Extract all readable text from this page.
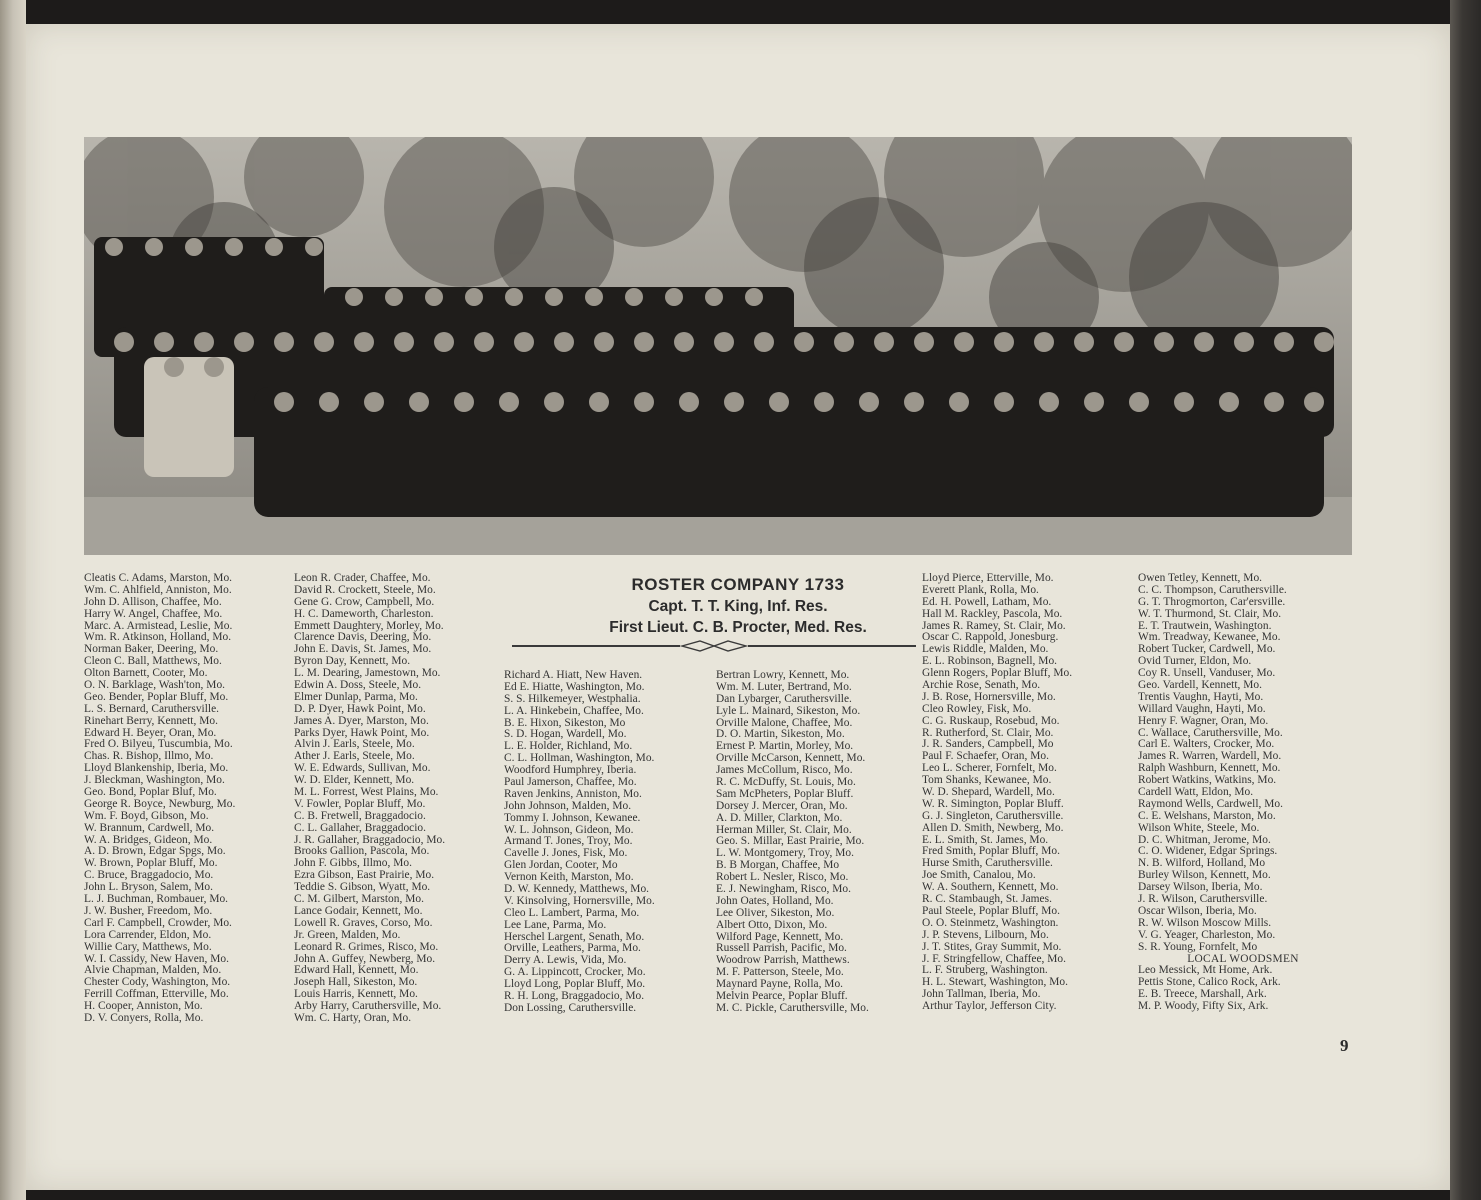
ROSTER COMPANY 1733
Capt. T. T. King, Inf. Res.
First Lieut. C. B. Procter, Med. Res.
Cleatis C. Adams, Marston, Mo.
Wm. C. Ahlfield, Anniston, Mo.
John D. Allison, Chaffee, Mo.
Harry W. Angel, Chaffee, Mo.
Marc. A. Armistead, Leslie, Mo.
Wm. R. Atkinson, Holland, Mo.
Norman Baker, Deering, Mo.
Cleon C. Ball, Matthews, Mo.
Olton Barnett, Cooter, Mo.
O. N. Barklage, Wash'ton, Mo.
Geo. Bender, Poplar Bluff, Mo.
L. S. Bernard, Caruthersville.
Rinehart Berry, Kennett, Mo.
Edward H. Beyer, Oran, Mo.
Fred O. Bilyeu, Tuscumbia, Mo.
Chas. R. Bishop, Illmo, Mo.
Lloyd Blankenship, Iberia, Mo.
J. Bleckman, Washington, Mo.
Geo. Bond, Poplar Bluf, Mo.
George R. Boyce, Newburg, Mo.
Wm. F. Boyd, Gibson, Mo.
W. Brannum, Cardwell, Mo.
W. A. Bridges, Gideon, Mo.
A. D. Brown, Edgar Spgs, Mo.
W. Brown, Poplar Bluff, Mo.
C. Bruce, Braggadocio, Mo.
John L. Bryson, Salem, Mo.
L. J. Buchman, Rombauer, Mo.
J. W. Busher, Freedom, Mo.
Carl F. Campbell, Crowder, Mo.
Lora Carrender, Eldon, Mo.
Willie Cary, Matthews, Mo.
W. I. Cassidy, New Haven, Mo.
Alvie Chapman, Malden, Mo.
Chester Cody, Washington, Mo.
Ferrill Coffman, Etterville, Mo.
H. Cooper, Anniston, Mo.
D. V. Conyers, Rolla, Mo.
Leon R. Crader, Chaffee, Mo.
David R. Crockett, Steele, Mo.
Gene G. Crow, Campbell, Mo.
H. C. Dameworth, Charleston.
Emmett Daughtery, Morley, Mo.
Clarence Davis, Deering, Mo.
John E. Davis, St. James, Mo.
Byron Day, Kennett, Mo.
L. M. Dearing, Jamestown, Mo.
Edwin A. Doss, Steele, Mo.
Elmer Dunlap, Parma, Mo.
D. P. Dyer, Hawk Point, Mo.
James A. Dyer, Marston, Mo.
Parks Dyer, Hawk Point, Mo.
Alvin J. Earls, Steele, Mo.
Ather J. Earls, Steele, Mo.
W. E. Edwards, Sullivan, Mo.
W. D. Elder, Kennett, Mo.
M. L. Forrest, West Plains, Mo.
V. Fowler, Poplar Bluff, Mo.
C. B. Fretwell, Braggadocio.
C. L. Gallaher, Braggadocio.
J. R. Gallaher, Braggadocio, Mo.
Brooks Gallion, Pascola, Mo.
John F. Gibbs, Illmo, Mo.
Ezra Gibson, East Prairie, Mo.
Teddie S. Gibson, Wyatt, Mo.
C. M. Gilbert, Marston, Mo.
Lance Godair, Kennett, Mo.
Lowell R. Graves, Corso, Mo.
Jr. Green, Malden, Mo.
Leonard R. Grimes, Risco, Mo.
John A. Guffey, Newberg, Mo.
Edward Hall, Kennett, Mo.
Joseph Hall, Sikeston, Mo.
Louis Harris, Kennett, Mo.
Arby Harry, Caruthersville, Mo.
Wm. C. Harty, Oran, Mo.
Richard A. Hiatt, New Haven.
Ed E. Hiatte, Washington, Mo.
S. S. Hilkemeyer, Westphalia.
L. A. Hinkebein, Chaffee, Mo.
B. E. Hixon, Sikeston, Mo
S. D. Hogan, Wardell, Mo.
L. E. Holder, Richland, Mo.
C. L. Hollman, Washington, Mo.
Woodford Humphrey, Iberia.
Paul Jamerson, Chaffee, Mo.
Raven Jenkins, Anniston, Mo.
John Johnson, Malden, Mo.
Tommy I. Johnson, Kewanee.
W. L. Johnson, Gideon, Mo.
Armand T. Jones, Troy, Mo.
Cavelle J. Jones, Fisk, Mo.
Glen Jordan, Cooter, Mo
Vernon Keith, Marston, Mo.
D. W. Kennedy, Matthews, Mo.
V. Kinsolving, Hornersville, Mo.
Cleo L. Lambert, Parma, Mo.
Lee Lane, Parma, Mo.
Herschel Largent, Senath, Mo.
Orville, Leathers, Parma, Mo.
Derry A. Lewis, Vida, Mo.
G. A. Lippincott, Crocker, Mo.
Lloyd Long, Poplar Bluff, Mo.
R. H. Long, Braggadocio, Mo.
Don Lossing, Caruthersville.
Bertran Lowry, Kennett, Mo.
Wm. M. Luter, Bertrand, Mo.
Dan Lybarger, Caruthersville.
Lyle L. Mainard, Sikeston, Mo.
Orville Malone, Chaffee, Mo.
D. O. Martin, Sikeston, Mo.
Ernest P. Martin, Morley, Mo.
Orville McCarson, Kennett, Mo.
James McCollum, Risco, Mo.
R. C. McDuffy, St. Louis, Mo.
Sam McPheters, Poplar Bluff.
Dorsey J. Mercer, Oran, Mo.
A. D. Miller, Clarkton, Mo.
Herman Miller, St. Clair, Mo.
Geo. S. Millar, East Prairie, Mo.
L. W. Montgomery, Troy, Mo.
B. B Morgan, Chaffee, Mo
Robert L. Nesler, Risco, Mo.
E. J. Newingham, Risco, Mo.
John Oates, Holland, Mo.
Lee Oliver, Sikeston, Mo.
Albert Otto, Dixon, Mo.
Wilford Page, Kennett, Mo.
Russell Parrish, Pacific, Mo.
Woodrow Parrish, Matthews.
M. F. Patterson, Steele, Mo.
Maynard Payne, Rolla, Mo.
Melvin Pearce, Poplar Bluff.
M. C. Pickle, Caruthersville, Mo.
Lloyd Pierce, Etterville, Mo.
Everett Plank, Rolla, Mo.
Ed. H. Powell, Latham, Mo.
Hall M. Rackley, Pascola, Mo.
James R. Ramey, St. Clair, Mo.
Oscar C. Rappold, Jonesburg.
Lewis Riddle, Malden, Mo.
E. L. Robinson, Bagnell, Mo.
Glenn Rogers, Poplar Bluff, Mo.
Archie Rose, Senath, Mo.
J. B. Rose, Hornersville, Mo.
Cleo Rowley, Fisk, Mo.
C. G. Ruskaup, Rosebud, Mo.
R. Rutherford, St. Clair, Mo.
J. R. Sanders, Campbell, Mo
Paul F. Schaefer, Oran, Mo.
Leo L. Scherer, Fornfelt, Mo.
Tom Shanks, Kewanee, Mo.
W. D. Shepard, Wardell, Mo.
W. R. Simington, Poplar Bluff.
G. J. Singleton, Caruthersville.
Allen D. Smith, Newberg, Mo.
E. L. Smith, St. James, Mo.
Fred Smith, Poplar Bluff, Mo.
Hurse Smith, Caruthersville.
Joe Smith, Canalou, Mo.
W. A. Southern, Kennett, Mo.
R. C. Stambaugh, St. James.
Paul Steele, Poplar Bluff, Mo.
O. O. Steinmetz, Washington.
J. P. Stevens, Lilbourn, Mo.
J. T. Stites, Gray Summit, Mo.
J. F. Stringfellow, Chaffee, Mo.
L. F. Struberg, Washington.
H. L. Stewart, Washington, Mo.
John Tallman, Iberia, Mo.
Arthur Taylor, Jefferson City.
Owen Tetley, Kennett, Mo.
C. C. Thompson, Caruthersville.
G. T. Throgmorton, Car'ersville.
W. T. Thurmond, St. Clair, Mo.
E. T. Trautwein, Washington.
Wm. Treadway, Kewanee, Mo.
Robert Tucker, Cardwell, Mo.
Ovid Turner, Eldon, Mo.
Coy R. Unsell, Vanduser, Mo.
Geo. Vardell, Kennett, Mo.
Trentis Vaughn, Hayti, Mo.
Willard Vaughn, Hayti, Mo.
Henry F. Wagner, Oran, Mo.
C. Wallace, Caruthersville, Mo.
Carl E. Walters, Crocker, Mo.
James R. Warren, Wardell, Mo.
Ralph Washburn, Kennett, Mo.
Robert Watkins, Watkins, Mo.
Cardell Watt, Eldon, Mo.
Raymond Wells, Cardwell, Mo.
C. E. Welshans, Marston, Mo.
Wilson White, Steele, Mo.
D. C. Whitman, Jerome, Mo.
C. O. Widener, Edgar Springs.
N. B. Wilford, Holland, Mo
Burley Wilson, Kennett, Mo.
Darsey Wilson, Iberia, Mo.
J. R. Wilson, Caruthersville.
Oscar Wilson, Iberia, Mo.
R. W. Wilson Moscow Mills.
V. G. Yeager, Charleston, Mo.
S. R. Young, Fornfelt, Mo
LOCAL WOODSMEN
Leo Messick, Mt Home, Ark.
Pettis Stone, Calico Rock, Ark.
E. B. Treece, Marshall, Ark.
M. P. Woody, Fifty Six, Ark.
9
